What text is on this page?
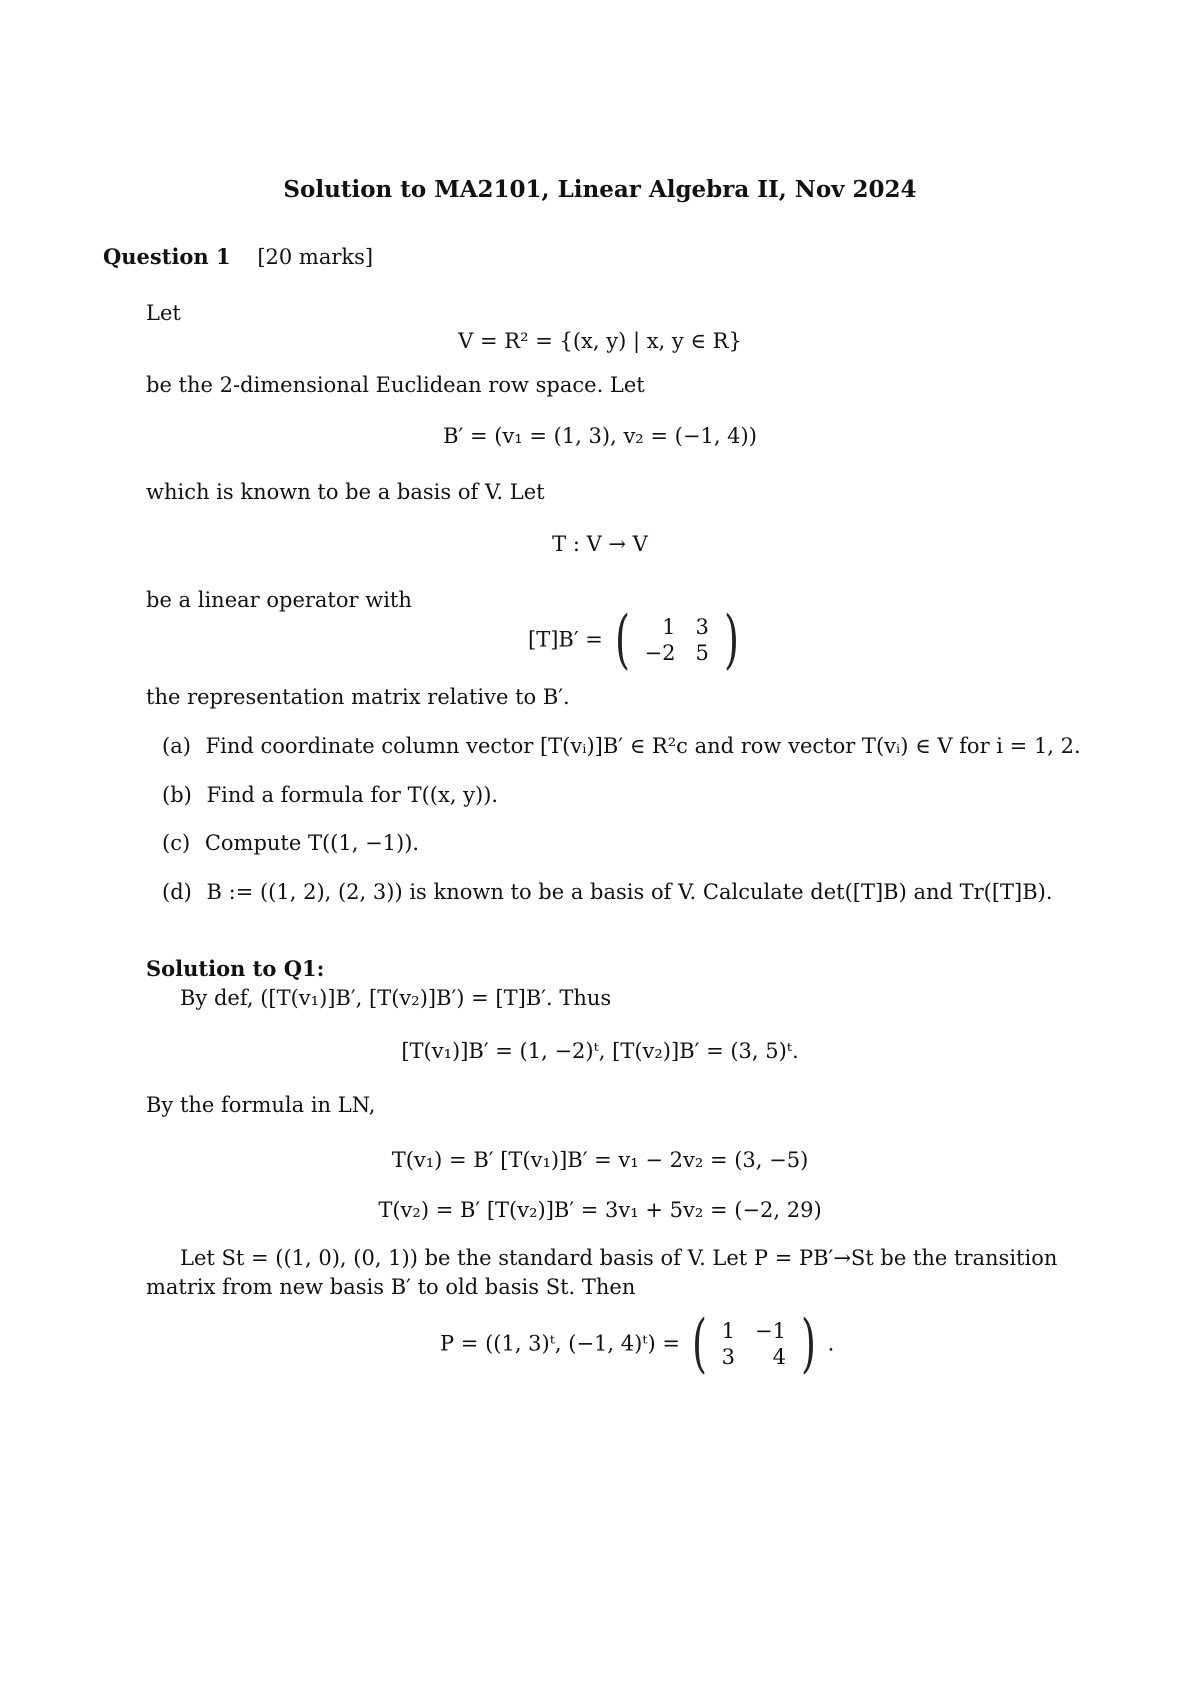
Solution to MA2101, Linear Algebra II, Nov 2024
Question 1 [20 marks]
Let
V = R² = {(x, y) | x, y ∈ R}
be the 2-dimensional Euclidean row space. Let
B′ = (v₁ = (1, 3), v₂ = (−1, 4))
which is known to be a basis of V. Let
T : V → V
be a linear operator with
[T]B′ = ( 1	3
−2	5 )
the representation matrix relative to B′.
(a) Find coordinate column vector [T(vᵢ)]B′ ∈ R²c and row vector T(vᵢ) ∈ V for i = 1, 2.
(b) Find a formula for T((x, y)).
(c) Compute T((1, −1)).
(d) B := ((1, 2), (2, 3)) is known to be a basis of V. Calculate det([T]B) and Tr([T]B).
Solution to Q1:
By def, ([T(v₁)]B′, [T(v₂)]B′) = [T]B′. Thus
[T(v₁)]B′ = (1, −2)ᵗ, [T(v₂)]B′ = (3, 5)ᵗ.
By the formula in LN,
T(v₁) = B′ [T(v₁)]B′ = v₁ − 2v₂ = (3, −5)
T(v₂) = B′ [T(v₂)]B′ = 3v₁ + 5v₂ = (−2, 29)
Let St = ((1, 0), (0, 1)) be the standard basis of V. Let P = PB′→St be the transition
matrix from new basis B′ to old basis St. Then
P = ((1, 3)ᵗ, (−1, 4)ᵗ) = ( 1	−1
3	4 ) .
